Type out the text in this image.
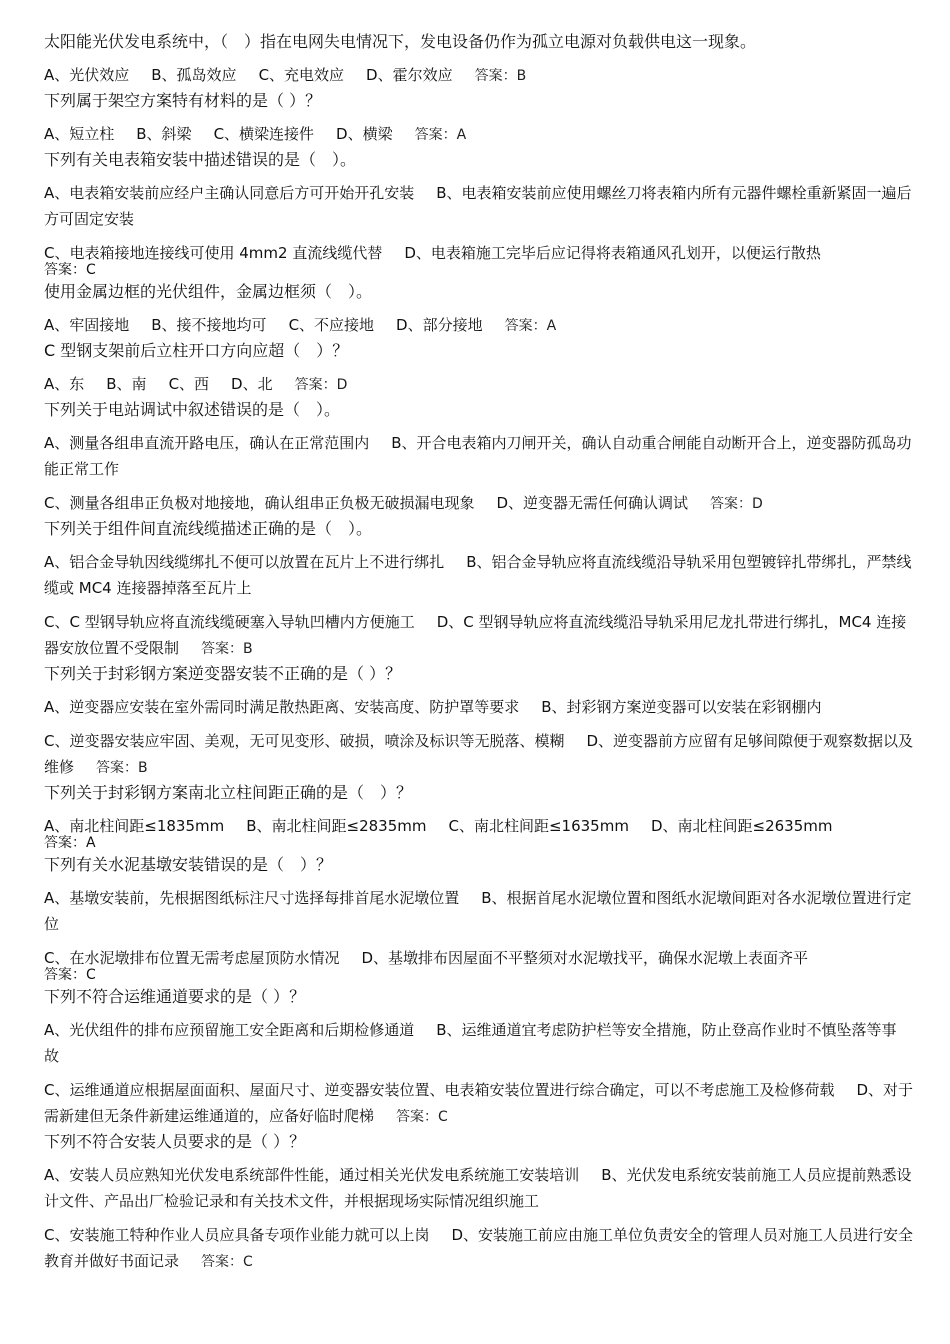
太阳能光伏发电系统中，（　）指在电网失电情况下，发电设备仍作为孤立电源对负载供电这一现象。
A、光伏效应 B、孤岛效应 C、充电效应 D、霍尔效应 答案：B
下列属于架空方案特有材料的是（ ）？
A、短立柱 B、斜梁 C、横梁连接件 D、横梁 答案：A
下列有关电表箱安装中描述错误的是（　）。
A、电表箱安装前应经户主确认同意后方可开始开孔安装 B、电表箱安装前应使用螺丝刀将表箱内所有元器件螺栓重新紧固一遍后方可固定安装
C、电表箱接地连接线可使用 4mm2 直流线缆代替 D、电表箱施工完毕后应记得将表箱通风孔划开，以便运行散热
答案：C
使用金属边框的光伏组件，金属边框须（　）。
A、牢固接地 B、接不接地均可 C、不应接地 D、部分接地 答案：A
C 型钢支架前后立柱开口方向应超（　）？
A、东 B、南 C、西 D、北 答案：D
下列关于电站调试中叙述错误的是（　）。
A、测量各组串直流开路电压，确认在正常范围内 B、开合电表箱内刀闸开关，确认自动重合闸能自动断开合上，逆变器防孤岛功能正常工作
C、测量各组串正负极对地接地，确认组串正负极无破损漏电现象 D、逆变器无需任何确认调试 答案：D
下列关于组件间直流线缆描述正确的是（　）。
A、铝合金导轨因线缆绑扎不便可以放置在瓦片上不进行绑扎 B、铝合金导轨应将直流线缆沿导轨采用包塑镀锌扎带绑扎，严禁线缆或 MC4 连接器掉落至瓦片上
C、C 型钢导轨应将直流线缆硬塞入导轨凹槽内方便施工 D、C 型钢导轨应将直流线缆沿导轨采用尼龙扎带进行绑扎，MC4 连接器安放位置不受限制 答案：B
下列关于封彩钢方案逆变器安装不正确的是（ ）？
A、逆变器应安装在室外需同时满足散热距离、安装高度、防护罩等要求 B、封彩钢方案逆变器可以安装在彩钢棚内
C、逆变器安装应牢固、美观，无可见变形、破损，喷涂及标识等无脱落、模糊 D、逆变器前方应留有足够间隙便于观察数据以及维修 答案：B
下列关于封彩钢方案南北立柱间距正确的是（　）？
A、南北柱间距≤1835mm B、南北柱间距≤2835mm C、南北柱间距≤1635mm D、南北柱间距≤2635mm
答案：A
下列有关水泥基墩安装错误的是（　）？
A、基墩安装前，先根据图纸标注尺寸选择每排首尾水泥墩位置 B、根据首尾水泥墩位置和图纸水泥墩间距对各水泥墩位置进行定位
C、在水泥墩排布位置无需考虑屋顶防水情况 D、基墩排布因屋面不平整须对水泥墩找平，确保水泥墩上表面齐平
答案：C
下列不符合运维通道要求的是（ ）？
A、光伏组件的排布应预留施工安全距离和后期检修通道 B、运维通道宜考虑防护栏等安全措施，防止登高作业时不慎坠落等事故
C、运维通道应根据屋面面积、屋面尺寸、逆变器安装位置、电表箱安装位置进行综合确定，可以不考虑施工及检修荷载 D、对于需新建但无条件新建运维通道的，应备好临时爬梯 答案：C
下列不符合安装人员要求的是（ ）？
A、安装人员应熟知光伏发电系统部件性能，通过相关光伏发电系统施工安装培训 B、光伏发电系统安装前施工人员应提前熟悉设计文件、产品出厂检验记录和有关技术文件，并根据现场实际情况组织施工
C、安装施工特种作业人员应具备专项作业能力就可以上岗 D、安装施工前应由施工单位负责安全的管理人员对施工人员进行安全教育并做好书面记录 答案：C
